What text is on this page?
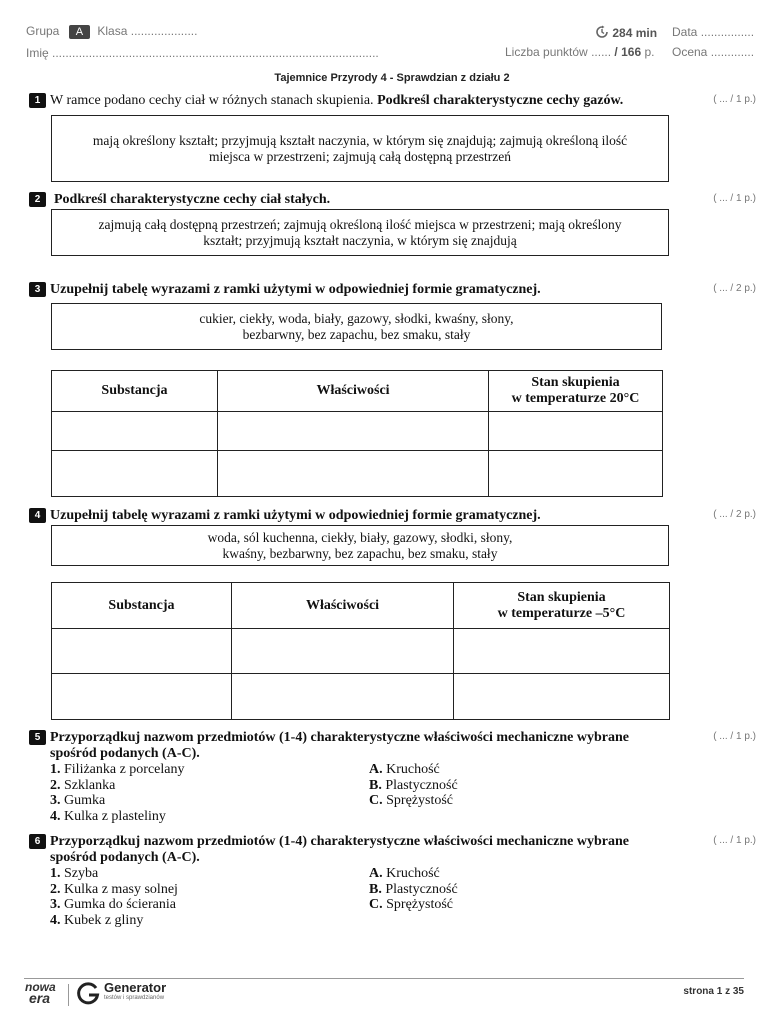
Grupa A Klasa ....................
Imię ..................................................................................................
284 min Data ................
Liczba punktów ...... / 166 p. Ocena .............
Tajemnice Przyrody 4 - Sprawdzian z działu 2
1 W ramce podano cechy ciał w różnych stanach skupienia. Podkreśl charakterystyczne cechy gazów.	( ... / 1 p.)
mają określony kształt; przyjmują kształt naczynia, w którym się znajdują; zajmują określoną ilość
miejsca w przestrzeni; zajmują całą dostępną przestrzeń
2 Podkreśl charakterystyczne cechy ciał stałych.	( ... / 1 p.)
zajmują całą dostępną przestrzeń; zajmują określoną ilość miejsca w przestrzeni; mają określony
kształt; przyjmują kształt naczynia, w którym się znajdują
3 Uzupełnij tabelę wyrazami z ramki użytymi w odpowiedniej formie gramatycznej.	( ... / 2 p.)
cukier, ciekły, woda, biały, gazowy, słodki, kwaśny, słony,
bezbarwny, bez zapachu, bez smaku, stały
Substancja	Właściwości	Stan skupienia
w temperaturze 20°C

4 Uzupełnij tabelę wyrazami z ramki użytymi w odpowiedniej formie gramatycznej.	( ... / 2 p.)
woda, sól kuchenna, ciekły, biały, gazowy, słodki, słony,
kwaśny, bezbarwny, bez zapachu, bez smaku, stały
Substancja	Właściwości	Stan skupienia
w temperaturze –5°C

5 Przyporządkuj nazwom przedmiotów (1-4) charakterystyczne właściwości mechaniczne wybrane
spośród podanych (A-C).
( ... / 1 p.)
1. Filiżanka z porcelany
2. Szklanka
3. Gumka
4. Kulka z plasteliny
A. Kruchość
B. Plastyczność
C. Sprężystość
6 Przyporządkuj nazwom przedmiotów (1-4) charakterystyczne właściwości mechaniczne wybrane
spośród podanych (A-C).
( ... / 1 p.)
1. Szyba
2. Kulka z masy solnej
3. Gumka do ścierania
4. Kubek z gliny
A. Kruchość
B. Plastyczność
C. Sprężystość
nowa
era
Generator
testów i sprawdzianów
strona 1 z 35
